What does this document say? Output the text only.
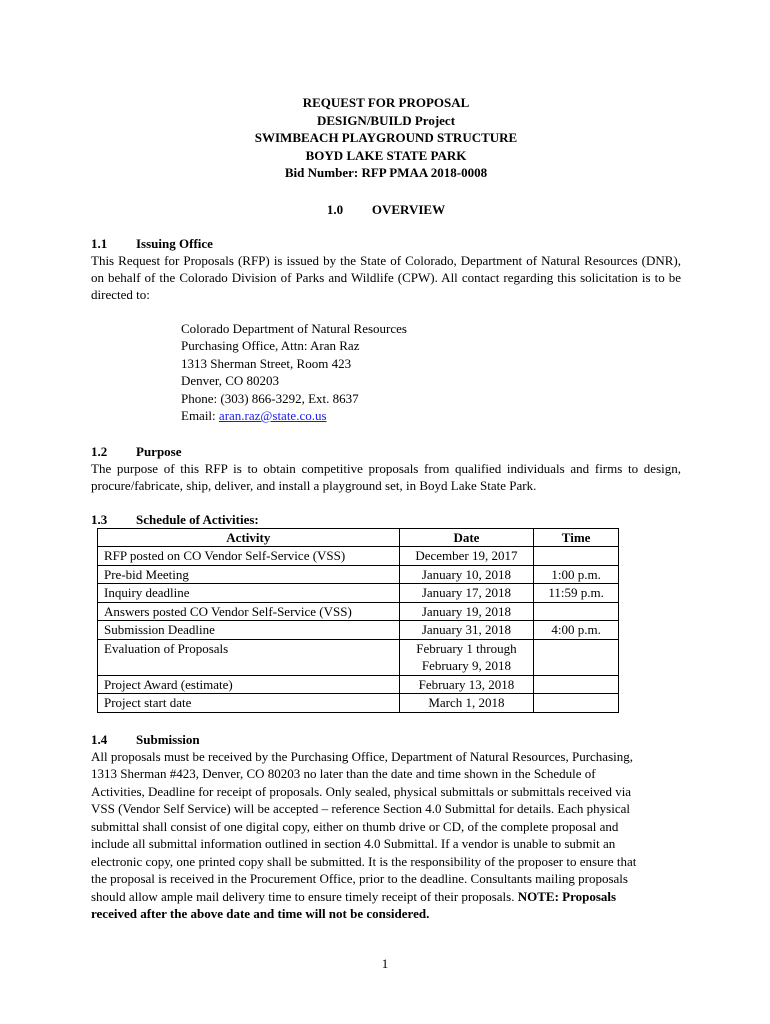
REQUEST FOR PROPOSAL
DESIGN/BUILD Project
SWIMBEACH PLAYGROUND STRUCTURE
BOYD LAKE STATE PARK
Bid Number: RFP PMAA 2018-0008
1.0 OVERVIEW
1.1 Issuing Office
This Request for Proposals (RFP) is issued by the State of Colorado, Department of Natural Resources (DNR), on behalf of the Colorado Division of Parks and Wildlife (CPW). All contact regarding this solicitation is to be directed to:
Colorado Department of Natural Resources
Purchasing Office, Attn: Aran Raz
1313 Sherman Street, Room 423
Denver, CO 80203
Phone: (303) 866-3292, Ext. 8637
Email: aran.raz@state.co.us
1.2 Purpose
The purpose of this RFP is to obtain competitive proposals from qualified individuals and firms to design, procure/fabricate, ship, deliver, and install a playground set, in Boyd Lake State Park.
1.3 Schedule of Activities:
Activity	Date	Time
RFP posted on CO Vendor Self-Service (VSS)	December 19, 2017	

Pre-bid Meeting	January 10, 2018	1:00 p.m.
Inquiry deadline	January 17, 2018	11:59 p.m.
Answers posted CO Vendor Self-Service (VSS)	January 19, 2018	

Submission Deadline	January 31, 2018	4:00 p.m.
Evaluation of Proposals	February 1 through
February 9, 2018	

Project Award (estimate)	February 13, 2018	

Project start date	March 1, 2018	

1.4 Submission
All proposals must be received by the Purchasing Office, Department of Natural Resources, Purchasing,
1313 Sherman #423, Denver, CO 80203 no later than the date and time shown in the Schedule of
Activities, Deadline for receipt of proposals. Only sealed, physical submittals or submittals received via
VSS (Vendor Self Service) will be accepted – reference Section 4.0 Submittal for details. Each physical
submittal shall consist of one digital copy, either on thumb drive or CD, of the complete proposal and
include all submittal information outlined in section 4.0 Submittal. If a vendor is unable to submit an
electronic copy, one printed copy shall be submitted. It is the responsibility of the proposer to ensure that
the proposal is received in the Procurement Office, prior to the deadline. Consultants mailing proposals
should allow ample mail delivery time to ensure timely receipt of their proposals. NOTE: Proposals
received after the above date and time will not be considered.
1
